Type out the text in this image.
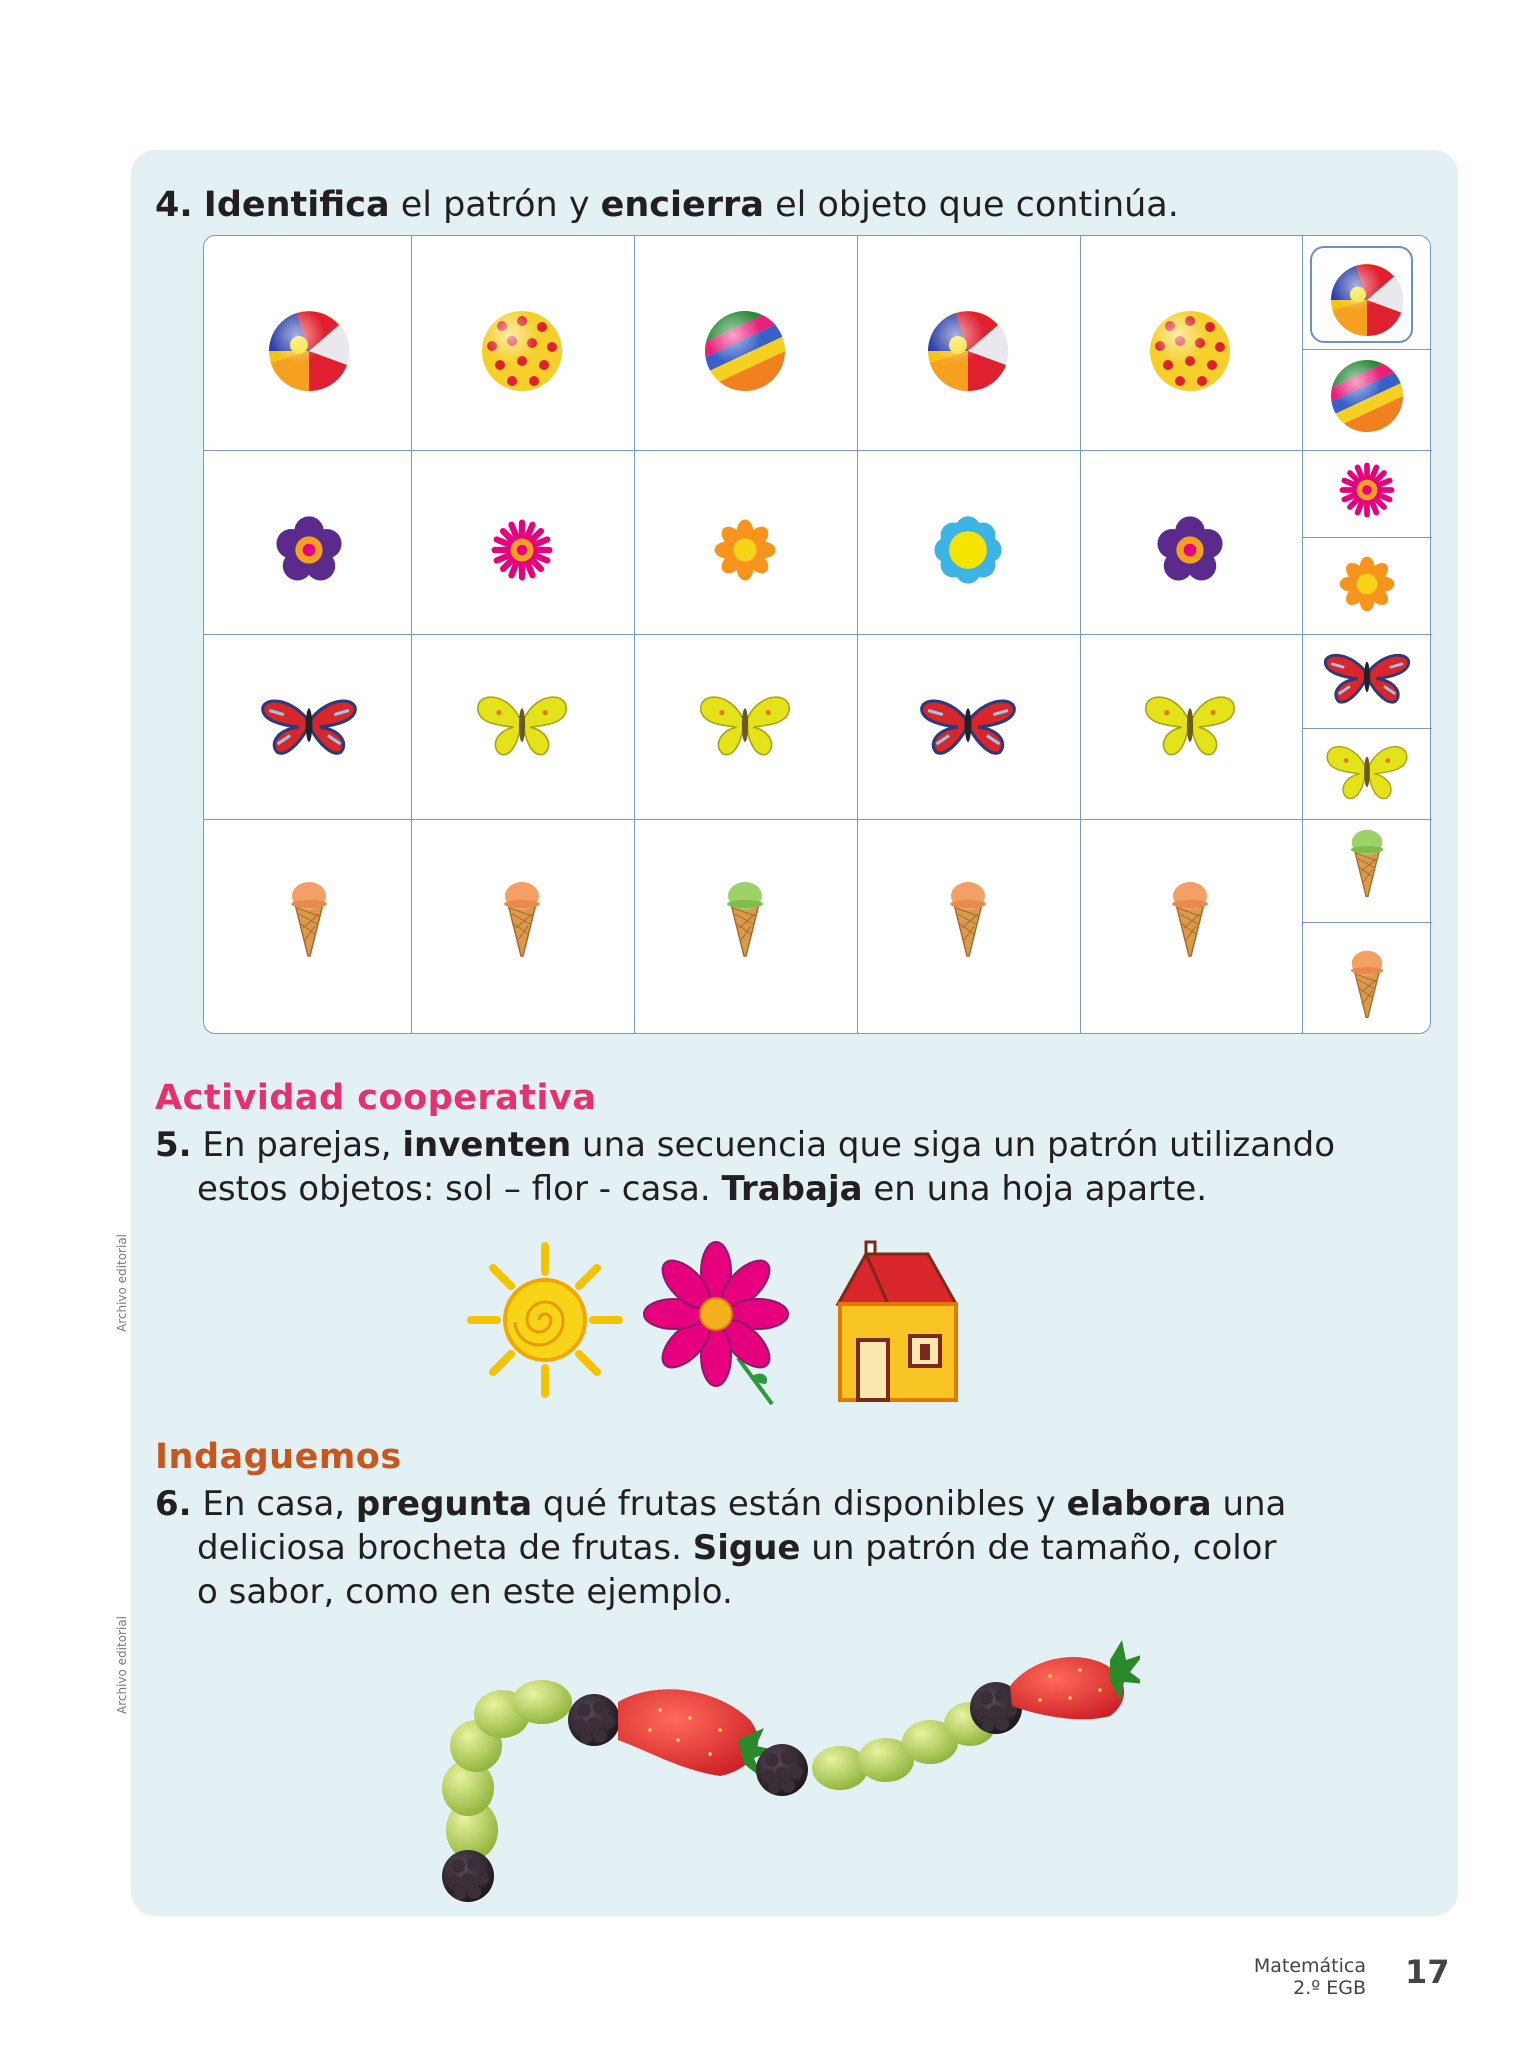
4. Identifica el patrón y encierra el objeto que continúa.
Actividad cooperativa
5. En parejas, inventen una secuencia que siga un patrón utilizando
estos objetos: sol – flor - casa. Trabaja en una hoja aparte.
Indaguemos
6. En casa, pregunta qué frutas están disponibles y elabora una
deliciosa brocheta de frutas. Sigue un patrón de tamaño, color
o sabor, como en este ejemplo.
Archivo editorial
Archivo editorial
Matemática
2.º EGB 17
